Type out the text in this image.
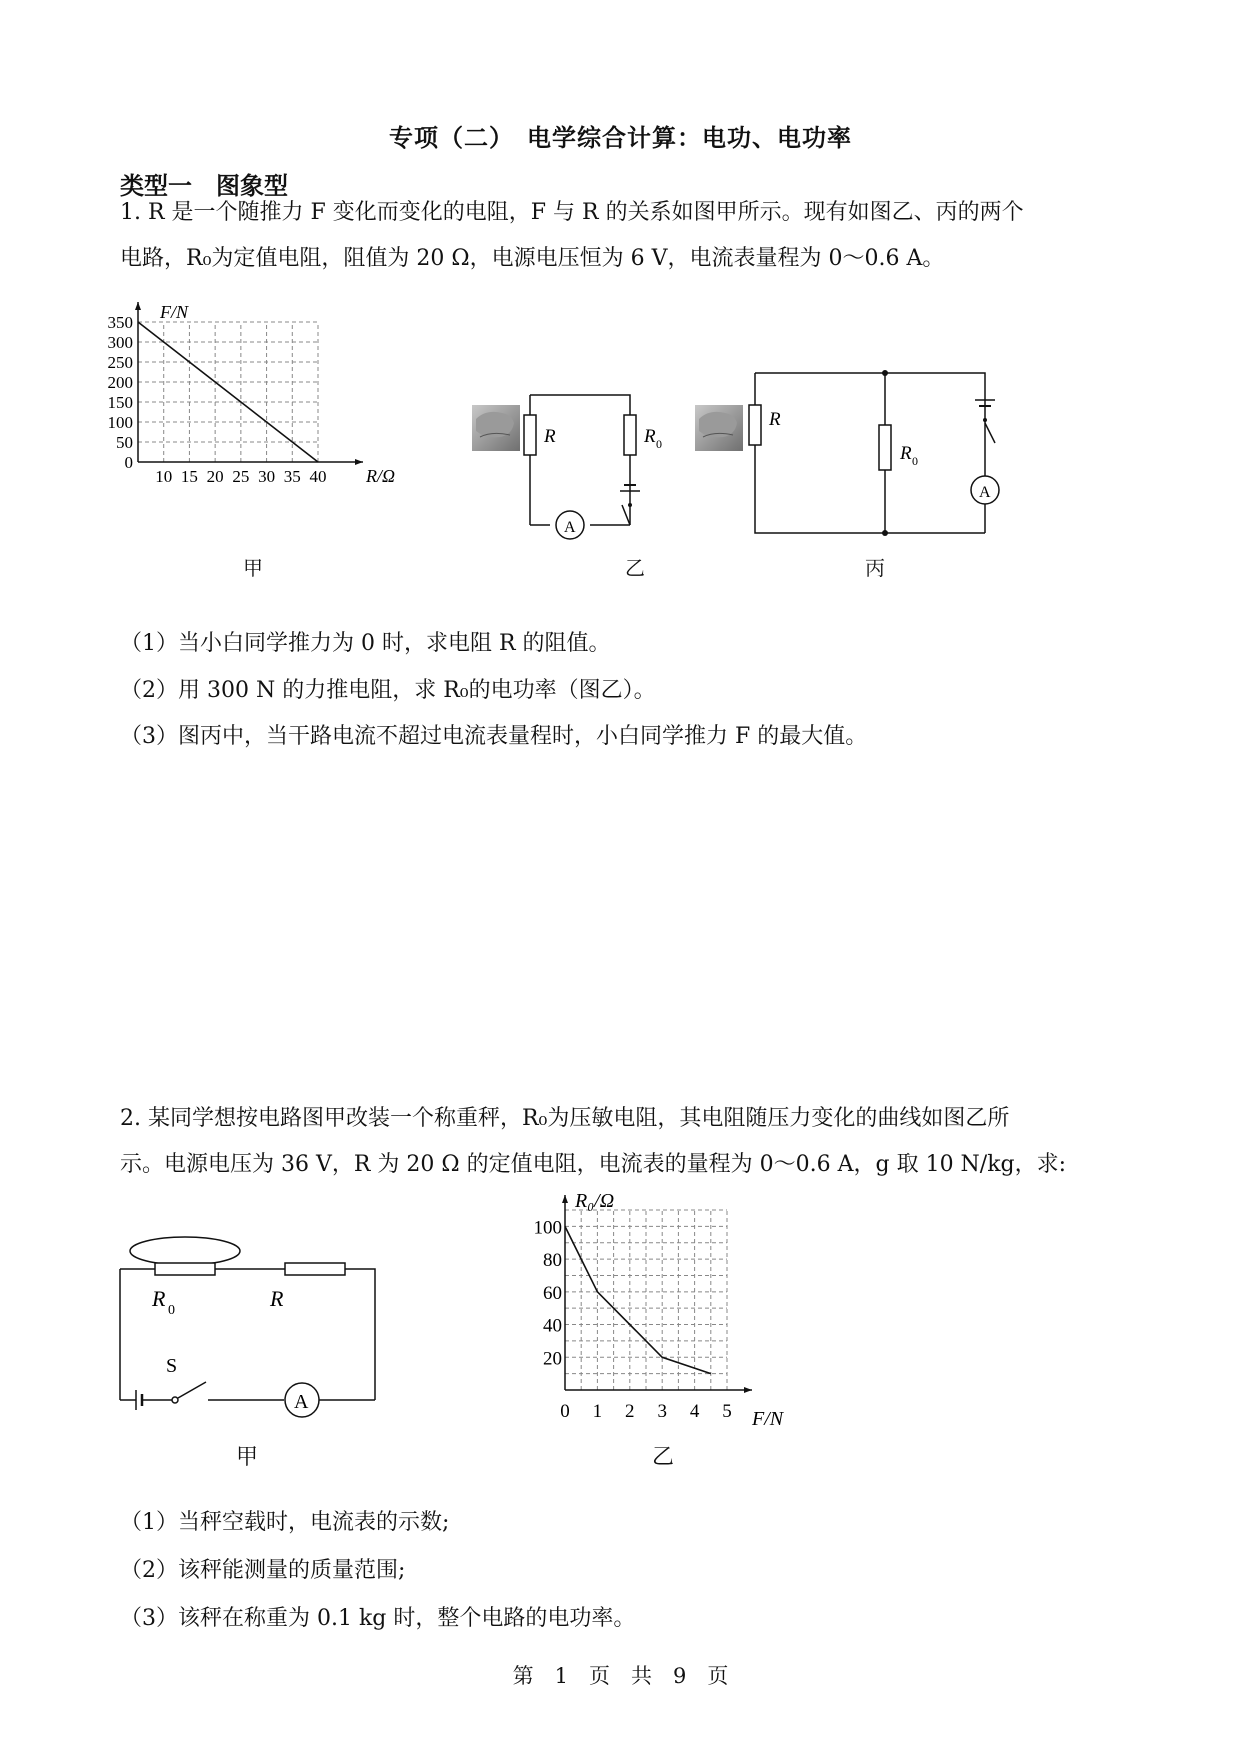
专项（二）　电学综合计算：电功、电功率
类型一　图象型
1. R 是一个随推力 F 变化而变化的电阻，F 与 R 的关系如图甲所示。现有如图乙、丙的两个
电路，R₀为定值电阻，阻值为 20 Ω，电源电压恒为 6 V，电流表量程为 0～0.6 A。
0
50
100
150
200
250
300
350
10 15 20 25 30 35 40
F/N
R/Ω
甲
A
R	R 0
乙
A
R
R 0
丙
（1）当小白同学推力为 0 时，求电阻 R 的阻值。
（2）用 300 N 的力推电阻，求 R₀的电功率（图乙）。
（3）图丙中，当干路电流不超过电流表量程时，小白同学推力 F 的最大值。
2. 某同学想按电路图甲改装一个称重秤，R₀为压敏电阻，其电阻随压力变化的曲线如图乙所
示。电源电压为 36 V，R 为 20 Ω 的定值电阻，电流表的量程为 0～0.6 A，g 取 10 N/kg，求:
A
R 0	R
S
甲
20
40
60
80
100
0 1 2 3 4 5
R₀/Ω
F/N
乙
（1）当秤空载时，电流表的示数;
（2）该秤能测量的质量范围;
（3）该秤在称重为 0.1 kg 时，整个电路的电功率。
第　1　页　共　9　页
